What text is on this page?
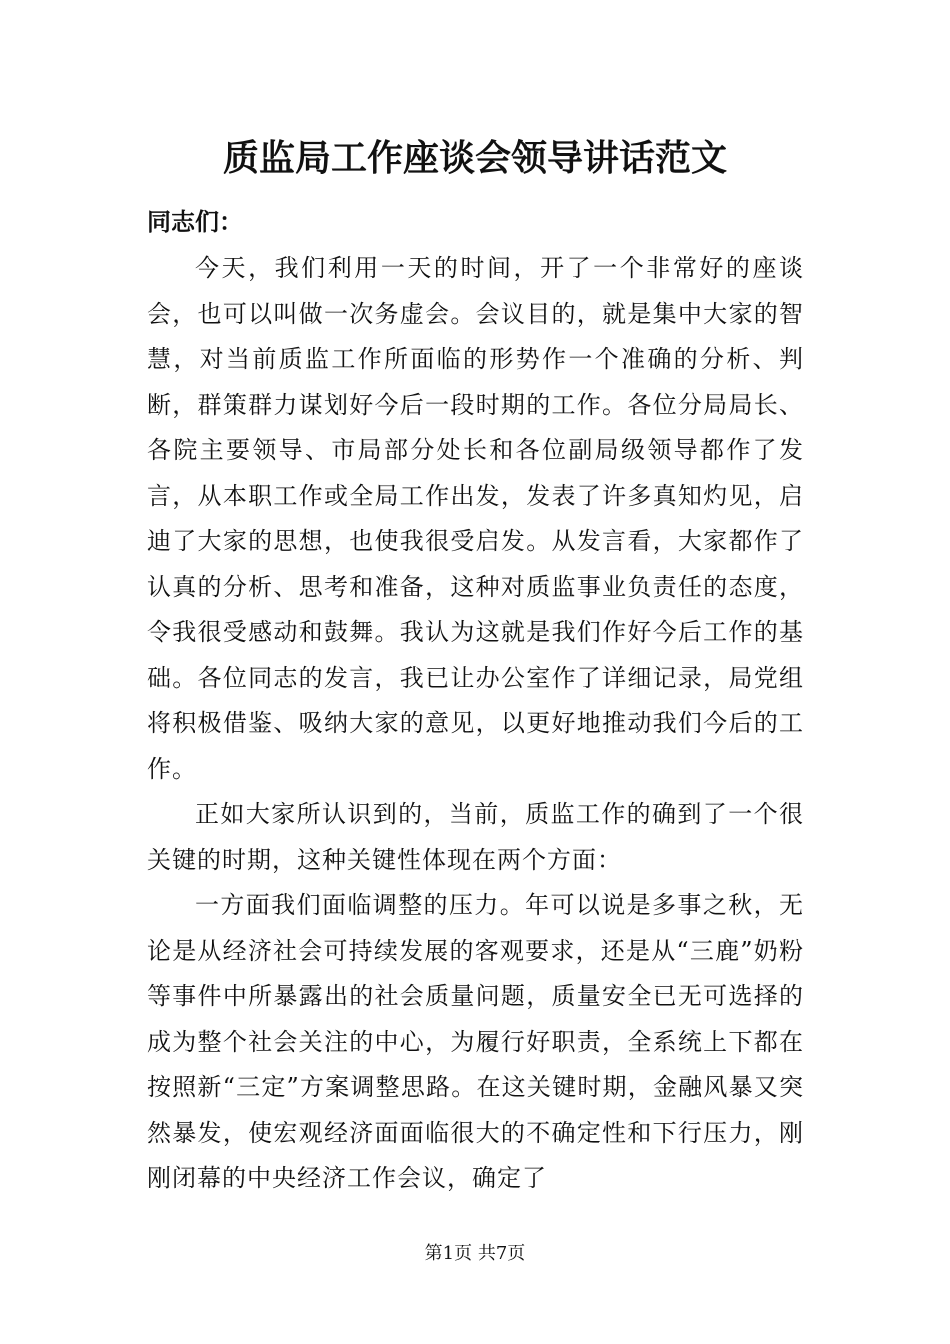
质监局工作座谈会领导讲话范文
同志们：

今天，我们利用一天的时间，开了一个非常好的座谈会，也可以叫做一次务虚会。会议目的，就是集中大家的智慧，对当前质监工作所面临的形势作一个准确的分析、判断，群策群力谋划好今后一段时期的工作。各位分局局长、各院主要领导、市局部分处长和各位副局级领导都作了发言，从本职工作或全局工作出发，发表了许多真知灼见，启迪了大家的思想，也使我很受启发。从发言看，大家都作了认真的分析、思考和准备，这种对质监事业负责任的态度，令我很受感动和鼓舞。我认为这就是我们作好今后工作的基础。各位同志的发言，我已让办公室作了详细记录，局党组将积极借鉴、吸纳大家的意见，以更好地推动我们今后的工作。

正如大家所认识到的，当前，质监工作的确到了一个很关键的时期，这种关键性体现在两个方面：

一方面我们面临调整的压力。年可以说是多事之秋，无论是从经济社会可持续发展的客观要求，还是从“三鹿”奶粉等事件中所暴露出的社会质量问题，质量安全已无可选择的成为整个社会关注的中心，为履行好职责，全系统上下都在按照新“三定”方案调整思路。在这关键时期，金融风暴又突然暴发，使宏观经济面面临很大的不确定性和下行压力，刚刚闭幕的中央经济工作会议，确定了

第1页 共7页
